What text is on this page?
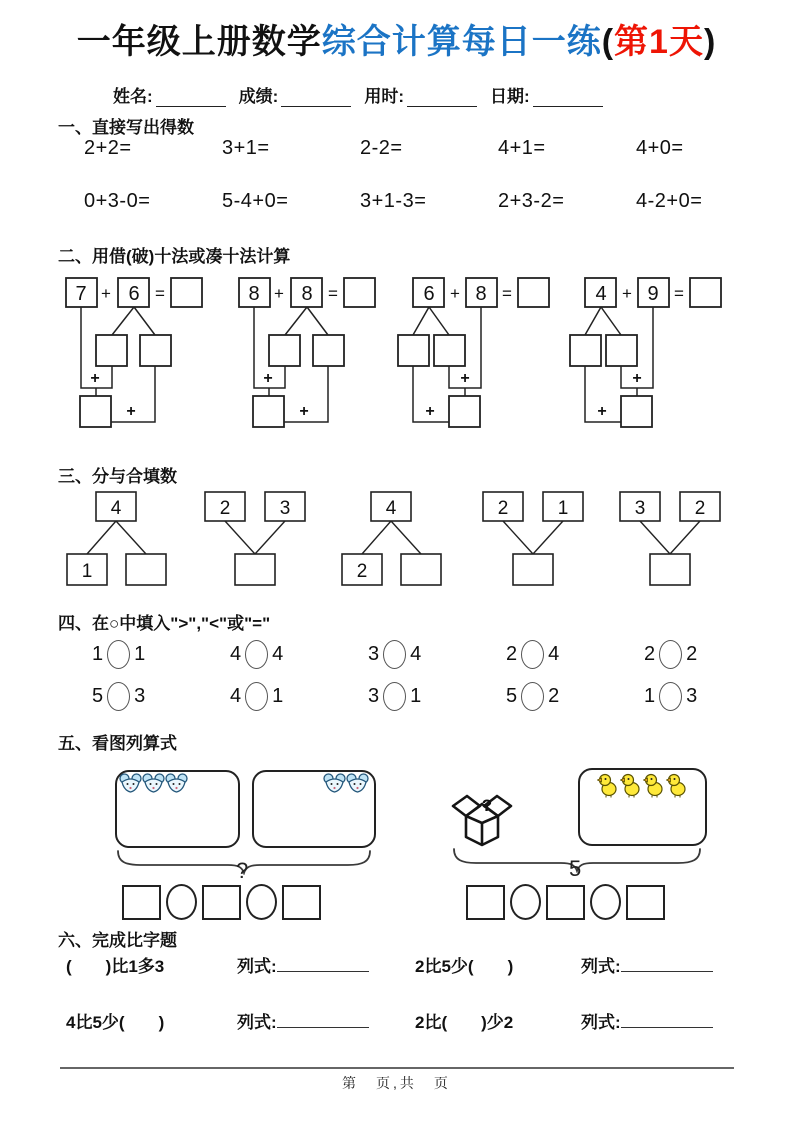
一年级上册数学综合计算每日一练(第1天)
姓名:	成绩:	用时:	日期:
一、直接写出得数
2+2=	3+1=	2-2=	4+1=	4+0=
0+3-0=	5-4+0=	3+1-3=	2+3-2=	4-2+0=
二、用借(破)十法或凑十法计算
7 + 6 =
+
+
8 + 8 =
+
+
6 + 8 =
+
+
4 + 9 =
+
+
三、分与合填数
4
1
2	3	4
2
2	1	3	2
四、在○中填入">","<"或"="
1 1	4 4	3 4	2 4	2 2
5 3	4 1	3 1	5 2	1 3
五、看图列算式
?
?
5
六、完成比字题
(　　)比1多3	列式:	2比5少(　　)	列式:
4比5少(　　)	列式:	2比(　　)少2	列式:
第　页,共　页
